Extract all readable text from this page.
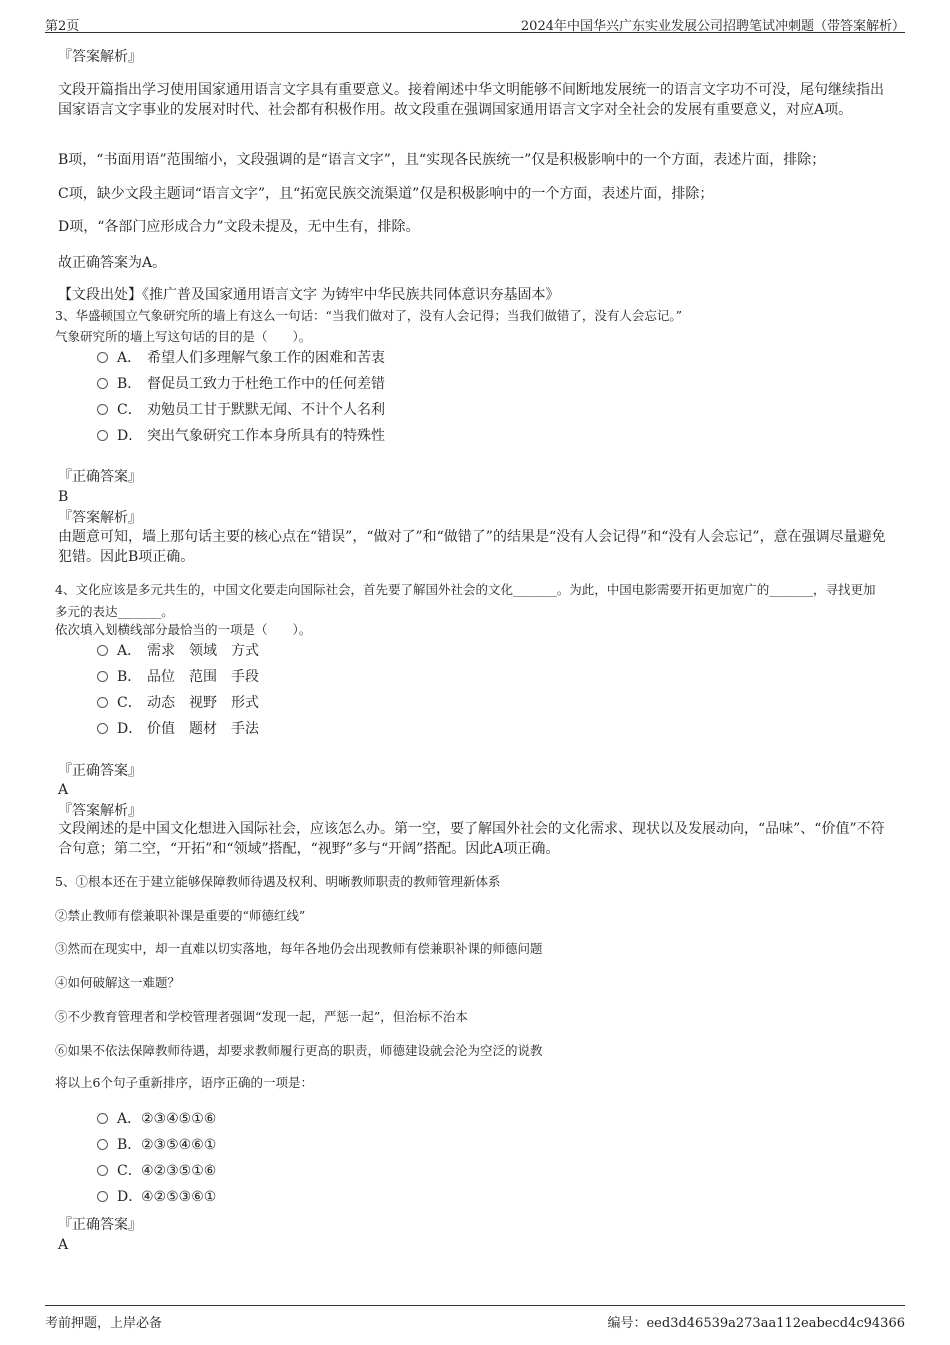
第2页	2024年中国华兴广东实业发展公司招聘笔试冲刺题（带答案解析）
『答案解析』
文段开篇指出学习使用国家通用语言文字具有重要意义。接着阐述中华文明能够不间断地发展统一的语言文字功不可没，尾句继续指出国家语言文字事业的发展对时代、社会都有积极作用。故文段重在强调国家通用语言文字对全社会的发展有重要意义，对应A项。
B项，“书面用语”范围缩小，文段强调的是“语言文字”，且“实现各民族统一”仅是积极影响中的一个方面，表述片面，排除；
C项，缺少文段主题词“语言文字”，且“拓宽民族交流渠道”仅是积极影响中的一个方面，表述片面，排除；
D项，“各部门应形成合力”文段未提及，无中生有，排除。
故正确答案为A。
【文段出处】《推广普及国家通用语言文字 为铸牢中华民族共同体意识夯基固本》
3、华盛顿国立气象研究所的墙上有这么一句话：“当我们做对了，没有人会记得；当我们做错了，没有人会忘记。”
气象研究所的墙上写这句话的目的是（　　）。
A． 希望人们多理解气象工作的困难和苦衷
B． 督促员工致力于杜绝工作中的任何差错
C． 劝勉员工甘于默默无闻、不计个人名利
D． 突出气象研究工作本身所具有的特殊性
『正确答案』
B
『答案解析』
由题意可知，墙上那句话主要的核心点在“错误”，“做对了”和“做错了”的结果是“没有人会记得”和“没有人会忘记”，意在强调尽量避免犯错。因此B项正确。
4、文化应该是多元共生的，中国文化要走向国际社会，首先要了解国外社会的文化_______。为此，中国电影需要开拓更加宽广的_______，寻找更加多元的表达_______。
依次填入划横线部分最恰当的一项是（　　）。
A． 需求 领域 方式
B． 品位 范围 手段
C． 动态 视野 形式
D． 价值 题材 手法
『正确答案』
A
『答案解析』
文段阐述的是中国文化想进入国际社会，应该怎么办。第一空，要了解国外社会的文化需求、现状以及发展动向，“品味”、“价值”不符合句意；第二空，“开拓”和“领域”搭配，“视野”多与“开阔”搭配。因此A项正确。
5、①根本还在于建立能够保障教师待遇及权利、明晰教师职责的教师管理新体系
②禁止教师有偿兼职补课是重要的“师德红线”
③然而在现实中，却一直难以切实落地，每年各地仍会出现教师有偿兼职补课的师德问题
④如何破解这一难题？
⑤不少教育管理者和学校管理者强调“发现一起，严惩一起”，但治标不治本
⑥如果不依法保障教师待遇，却要求教师履行更高的职责，师德建设就会沦为空泛的说教
将以上6个句子重新排序，语序正确的一项是：
A．②③④⑤①⑥
B．②③⑤④⑥①
C．④②③⑤①⑥
D．④②⑤③⑥①
『正确答案』
A
考前押题，上岸必备	编号：eed3d46539a273aa112eabecd4c94366
